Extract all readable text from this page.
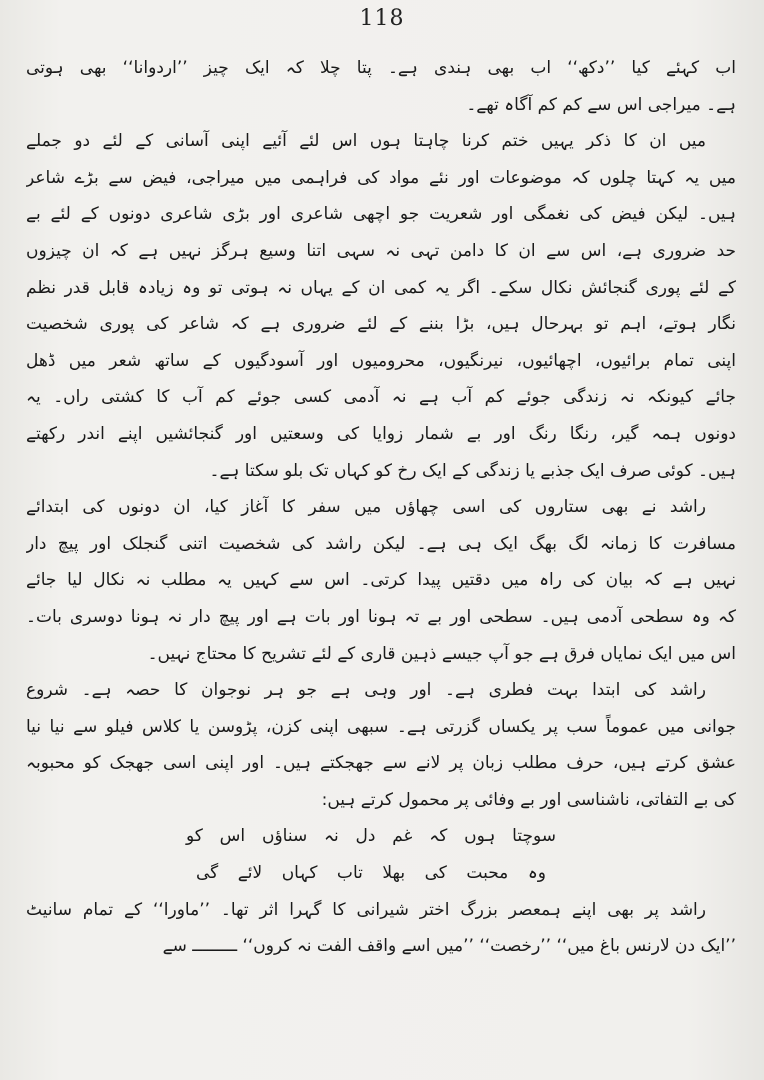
118
اب کہئے کیا ’’دکھ‘‘ اب بھی ہندی ہے۔ پتا چلا کہ ایک چیز ’’اردوانا‘‘ بھی ہوتی
ہے۔ میراجی اس سے کم کم آگاہ تھے۔
میں ان کا ذکر یہیں ختم کرنا چاہتا ہوں اس لئے آئیے اپنی آسانی کے لئے دو جملے
میں یہ کہتا چلوں کہ موضوعات اور نئے مواد کی فراہمی میں میراجی، فیض سے بڑے شاعر
ہیں۔ لیکن فیض کی نغمگی اور شعریت جو اچھی شاعری اور بڑی شاعری دونوں کے لئے بے
حد ضروری ہے، اس سے ان کا دامن تہی نہ سہی اتنا وسیع ہرگز نہیں ہے کہ ان چیزوں
کے لئے پوری گنجائش نکال سکے۔ اگر یہ کمی ان کے یہاں نہ ہوتی تو وہ زیادہ قابل قدر نظم
نگار ہوتے، اہم تو بہرحال ہیں، بڑا بننے کے لئے ضروری ہے کہ شاعر کی پوری شخصیت
اپنی تمام برائیوں، اچھائیوں، نیرنگیوں، محرومیوں اور آسودگیوں کے ساتھ شعر میں ڈھل
جائے کیونکہ نہ زندگی جوئے کم آب ہے نہ آدمی کسی جوئے کم آب کا کشتی راں۔ یہ
دونوں ہمہ گیر، رنگا رنگ اور بے شمار زوایا کی وسعتیں اور گنجائشیں اپنے اندر رکھتے
ہیں۔ کوئی صرف ایک جذبے یا زندگی کے ایک رخ کو کہاں تک بلو سکتا ہے۔
راشد نے بھی ستاروں کی اسی چھاؤں میں سفر کا آغاز کیا، ان دونوں کی ابتدائے
مسافرت کا زمانہ لگ بھگ ایک ہی ہے۔ لیکن راشد کی شخصیت اتنی گنجلک اور پیچ دار
نہیں ہے کہ بیان کی راہ میں دقتیں پیدا کرتی۔ اس سے کہیں یہ مطلب نہ نکال لیا جائے
کہ وہ سطحی آدمی ہیں۔ سطحی اور بے تہ ہونا اور بات ہے اور پیچ دار نہ ہونا دوسری بات۔
اس میں ایک نمایاں فرق ہے جو آپ جیسے ذہین قاری کے لئے تشریح کا محتاج نہیں۔
راشد کی ابتدا بہت فطری ہے۔ اور وہی ہے جو ہر نوجوان کا حصہ ہے۔ شروع
جوانی میں عموماً سب پر یکساں گزرتی ہے۔ سبھی اپنی کزن، پڑوسن یا کلاس فیلو سے نیا نیا
عشق کرتے ہیں، حرف مطلب زبان پر لانے سے جھجکتے ہیں۔ اور اپنی اسی جھجک کو محبوبہ
کی بے التفاتی، ناشناسی اور بے وفائی پر محمول کرتے ہیں:
سوچتا ہوں کہ غم دل نہ سناؤں اس کو
وہ محبت کی بھلا تاب کہاں لائے گی
راشد پر بھی اپنے ہمعصر بزرگ اختر شیرانی کا گہرا اثر تھا۔ ’’ماورا‘‘ کے تمام سانیٹ
’’ایک دن لارنس باغ میں‘‘ ’’رخصت‘‘ ’’میں اسے واقف الفت نہ کروں‘‘ ـــــــــ سے
